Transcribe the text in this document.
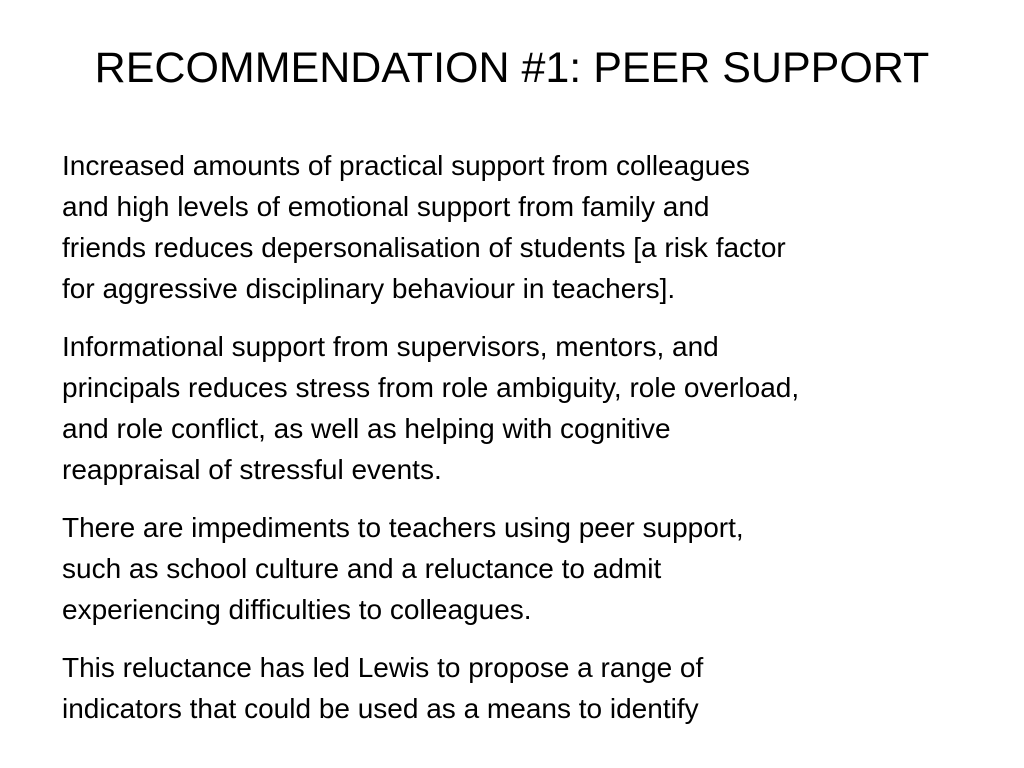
RECOMMENDATION #1: PEER SUPPORT

Increased amounts of practical support from colleagues
and high levels of emotional support from family and
friends reduces depersonalisation of students [a risk factor
for aggressive disciplinary behaviour in teachers].

Informational support from supervisors, mentors, and
principals reduces stress from role ambiguity, role overload,
and role conflict, as well as helping with cognitive
reappraisal of stressful events.

There are impediments to teachers using peer support,
such as school culture and a reluctance to admit
experiencing difficulties to colleagues.

This reluctance has led Lewis to propose a range of
indicators that could be used as a means to identify
